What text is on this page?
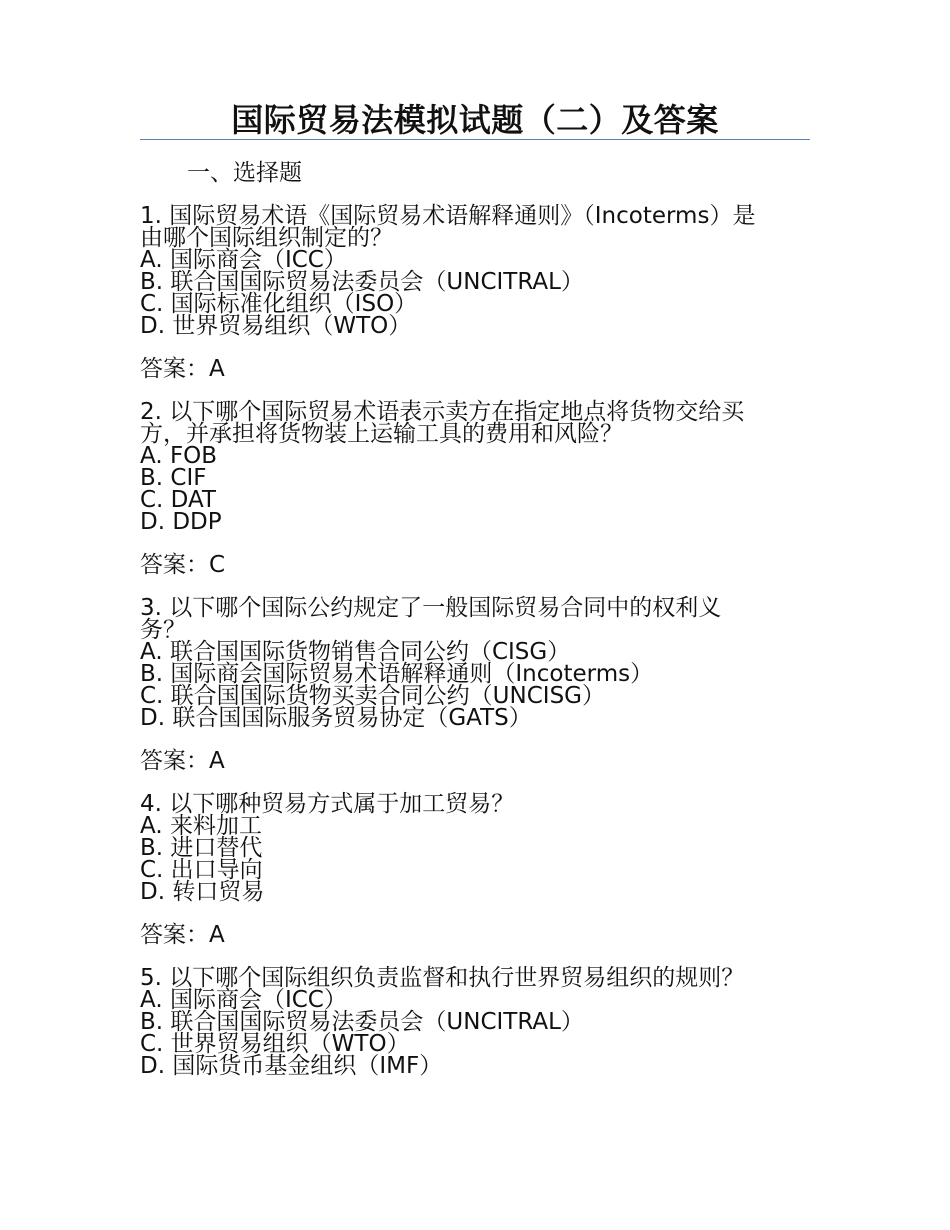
国际贸易法模拟试题（二）及答案
一、选择题
1. 国际贸易术语《国际贸易术语解释通则》（Incoterms）是
由哪个国际组织制定的？
A. 国际商会（ICC）
B. 联合国国际贸易法委员会（UNCITRAL）
C. 国际标准化组织（ISO）
D. 世界贸易组织（WTO）
答案：A
2. 以下哪个国际贸易术语表示卖方在指定地点将货物交给买
方，并承担将货物装上运输工具的费用和风险？
A. FOB
B. CIF
C. DAT
D. DDP
答案：C
3. 以下哪个国际公约规定了一般国际贸易合同中的权利义
务？
A. 联合国国际货物销售合同公约（CISG）
B. 国际商会国际贸易术语解释通则（Incoterms）
C. 联合国国际货物买卖合同公约（UNCISG）
D. 联合国国际服务贸易协定（GATS）
答案：A
4. 以下哪种贸易方式属于加工贸易？
A. 来料加工
B. 进口替代
C. 出口导向
D. 转口贸易
答案：A
5. 以下哪个国际组织负责监督和执行世界贸易组织的规则？
A. 国际商会（ICC）
B. 联合国国际贸易法委员会（UNCITRAL）
C. 世界贸易组织（WTO）
D. 国际货币基金组织（IMF）
